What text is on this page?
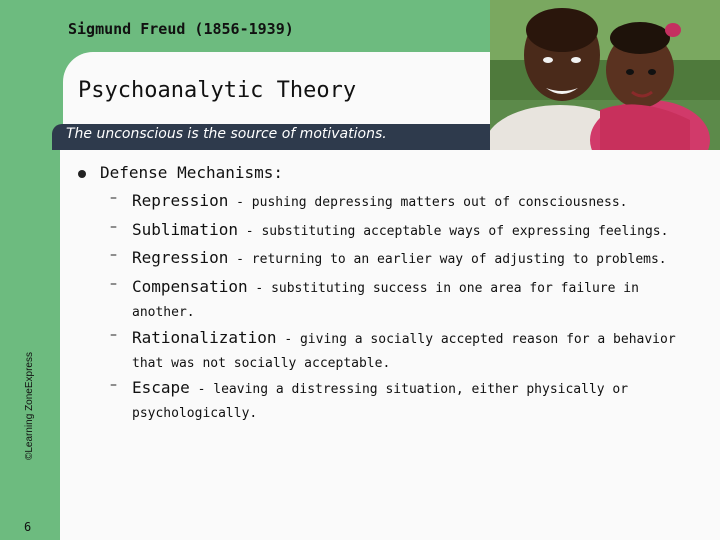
Sigmund Freud (1856-1939)
Psychoanalytic Theory
The unconscious is the source of motivations.
Defense Mechanisms:
– Repression - pushing depressing matters out of consciousness.
– Sublimation - substituting acceptable ways of expressing feelings.
– Regression - returning to an earlier way of adjusting to problems.
– Compensation - substituting success in one area for failure in another.
– Rationalization - giving a socially accepted reason for a behavior that was not socially acceptable.
– Escape - leaving a distressing situation, either physically or psychologically.
©Learning ZoneExpress
6
